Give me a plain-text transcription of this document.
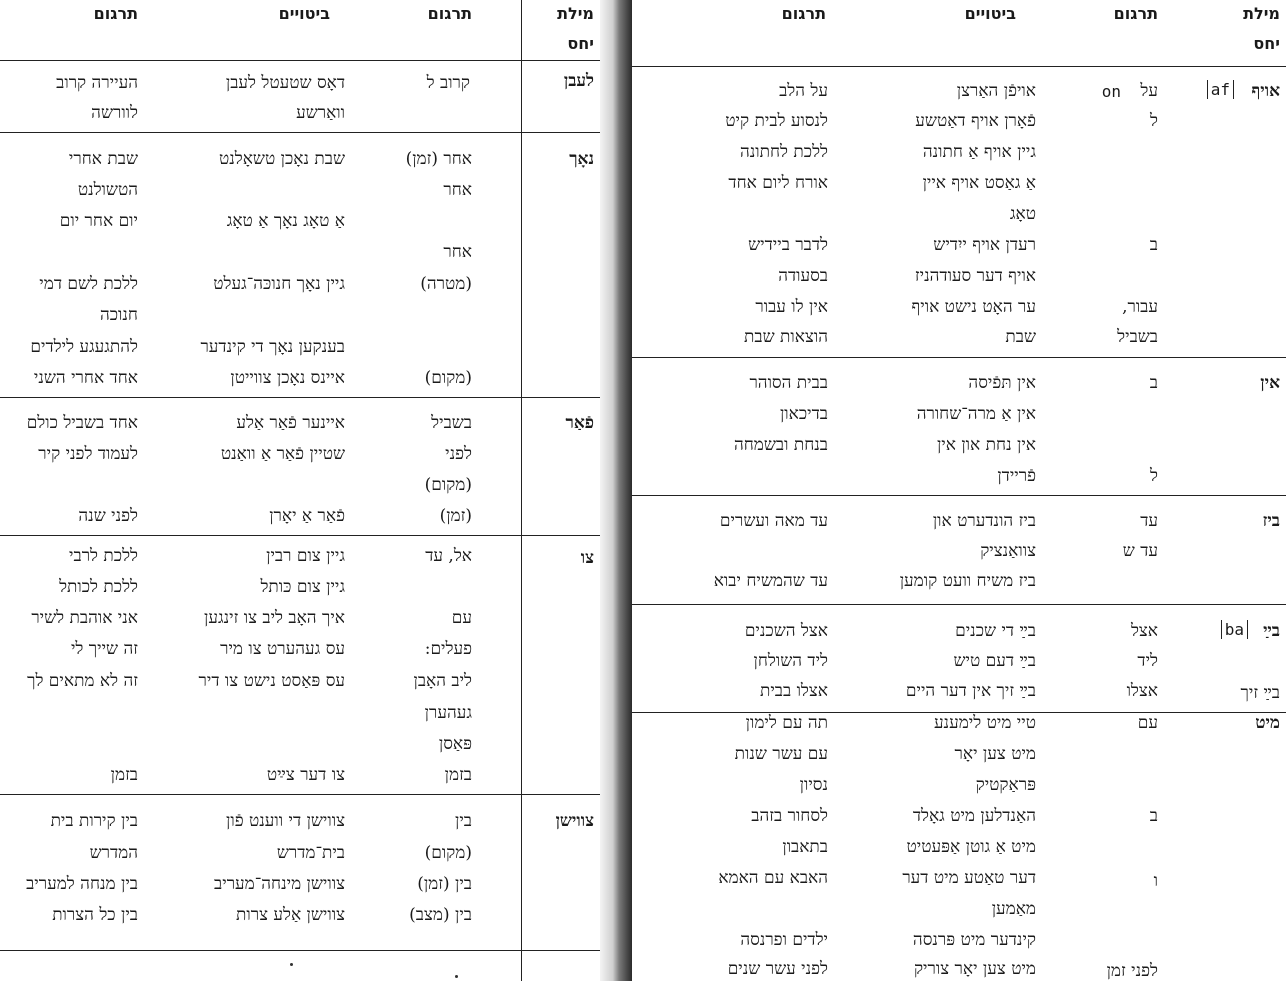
מילת
יחס
תרגום
ביטויים
תרגום
לעבן
קרוב ל
דאָס שטעטל לעבן
וואַרשע
העיירה קרוב
לוורשה
נאָך
אחר (זמן)
אחר
אחר
(מטרה)
(מקום)
שבת נאָכן טשאָלנט
אַ טאָג נאָך אַ טאָג
גיין נאָך חנוכּה־געלט
בענקען נאָך די קינדער
איינס נאָכן צווייטן
שבת אחרי
הטשולנט
יום אחר יום
ללכת לשם דמי
חנוכה
להתגעגע לילדים
אחד אחרי השני
פֿאַר
בשביל
לפני
(מקום)
(זמן)
איינער פֿאַר אַלע
שטיין פֿאַר אַ וואַנט
פֿאַר אַ יאָרן
אחד בשביל כולם
לעמוד לפני קיר
לפני שנה
צו
אל, עד
עם
פעלים:
ליב האָבן
געהערן
פּאַסן
בזמן
גיין צום רבין
גיין צום כּותל
איך האָב ליב צו זינגען
עס געהערט צו מיר
עס פּאַסט נישט צו דיר
צו דער צײַט
ללכת לרבי
ללכת לכותל
אני אוהבת לשיר
זה שייך לי
זה לא מתאים לך
בזמן
צווישן
בין
(מקום)
בין (זמן)
בין (מצב)
צווישן די ווענט פֿון
בית־מדרש
צווישן מינחה־מעריב
צווישן אַלע צרות
בין קירות בית
המדרש
בין מנחה למעריב
בין כל הצרות
מילת
יחס
תרגום
ביטויים
תרגום
אויף
af
on על
ל
ב
עבור,
בשביל
אויפֿן האַרצן
פֿאָרן אויף דאַטשע
גיין אויף אַ חתונה
אַ גאַסט אויף איין
טאָג
רעדן אויף ייִדיש
אויף דער סעודהניז
ער האָט נישט אויף
שבת
על הלב
לנסוע לבית קיט
ללכת לחתונה
אורח ליום אחד
לדבר ביידיש
בסעודה
אין לו עבור
הוצאות שבת
אין
ב
ל
אין תּפֿיסה
אין אַ מרה־שחורה
אין נחת און אין
פֿריידן
בבית הסוהר
בדיכאון
בנחת ובשמחה
ביז
עד
עד ש
ביז הונדערט און
צוואַנציק
ביז משיח וועט קומען
עד מאה ועשרים
עד שהמשיח יבוא
בײַ
ba
אצל
ליד
אצלו	בײַ זיך
בײַ די שכנים
בײַ דעם טיש
בײַ זיך אין דער היים
אצל השכנים
ליד השולחן
אצלו בבית
מיט
עם
ב
ו
לפני זמן
טיי מיט לימענע
מיט צען יאָר
פּראַקטיק
האַנדלען מיט גאָלד
מיט אַ גוטן אַפּעטיט
דער טאַטע מיט דער
מאַמען
קינדער מיט פּרנסה
מיט צען יאָר צוריק
תה עם לימון
עם עשר שנות
נסיון
לסחור בזהב
בתאבון
האבא עם האמא
ילדים ופרנסה
לפני עשר שנים
